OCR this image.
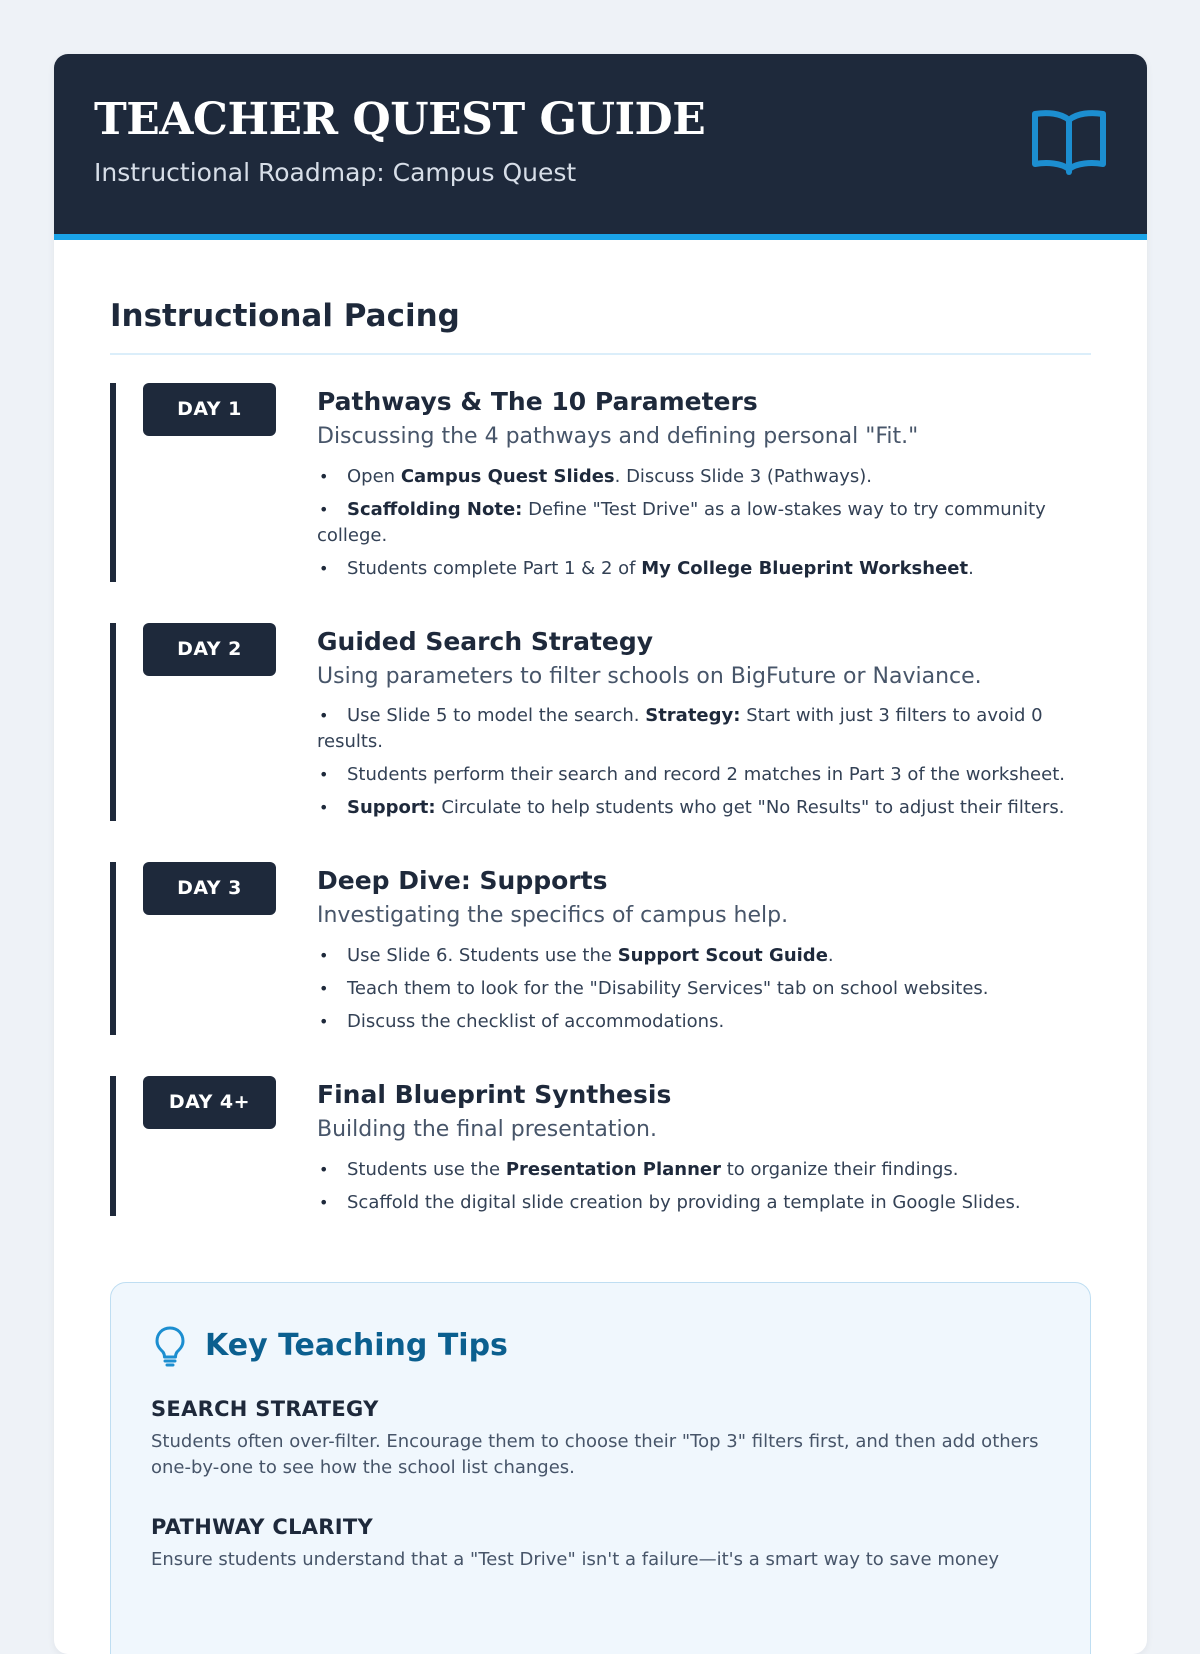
TEACHER QUEST GUIDE
Instructional Roadmap: Campus Quest
Instructional Pacing
DAY 1	Pathways & The 10 Parameters

Discussing the 4 pathways and defining personal "Fit."

• Open Campus Quest Slides. Discuss Slide 3 (Pathways).
• Scaffolding Note: Define "Test Drive" as a low-stakes way to try community college.
• Students complete Part 1 & 2 of My College Blueprint Worksheet.
DAY 2	Guided Search Strategy

Using parameters to filter schools on BigFuture or Naviance.

• Use Slide 5 to model the search. Strategy: Start with just 3 filters to avoid 0 results.
• Students perform their search and record 2 matches in Part 3 of the worksheet.
• Support: Circulate to help students who get "No Results" to adjust their filters.
DAY 3	Deep Dive: Supports

Investigating the specifics of campus help.

• Use Slide 6. Students use the Support Scout Guide.
• Teach them to look for the "Disability Services" tab on school websites.
• Discuss the checklist of accommodations.
DAY 4+	Final Blueprint Synthesis

Building the final presentation.

• Students use the Presentation Planner to organize their findings.
• Scaffold the digital slide creation by providing a template in Google Slides.
Key Teaching Tips
SEARCH STRATEGY

Students often over-filter. Encourage them to choose their "Top 3" filters first, and then add others one-by-one to see how the school list changes.

PATHWAY CLARITY

Ensure students understand that a "Test Drive" isn't a failure—it's a smart way to save money
